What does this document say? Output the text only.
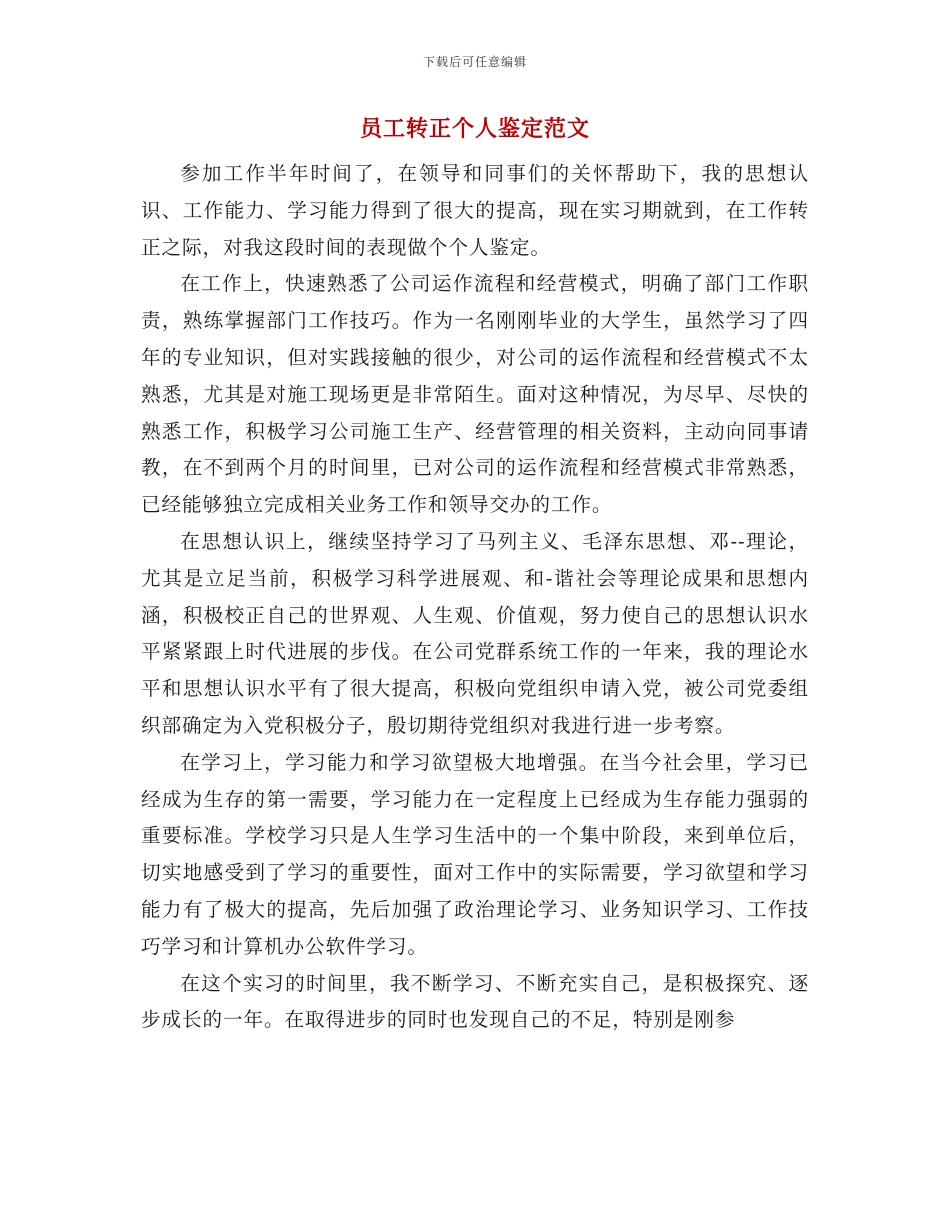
下载后可任意编辑
员工转正个人鉴定范文

参加工作半年时间了，在领导和同事们的关怀帮助下，我的思想认识、工作能力、学习能力得到了很大的提高，现在实习期就到，在工作转正之际，对我这段时间的表现做个个人鉴定。

在工作上，快速熟悉了公司运作流程和经营模式，明确了部门工作职责，熟练掌握部门工作技巧。作为一名刚刚毕业的大学生，虽然学习了四年的专业知识，但对实践接触的很少，对公司的运作流程和经营模式不太熟悉，尤其是对施工现场更是非常陌生。面对这种情况，为尽早、尽快的熟悉工作，积极学习公司施工生产、经营管理的相关资料，主动向同事请教，在不到两个月的时间里，已对公司的运作流程和经营模式非常熟悉，已经能够独立完成相关业务工作和领导交办的工作。

在思想认识上，继续坚持学习了马列主义、毛泽东思想、邓--理论，尤其是立足当前，积极学习科学进展观、和-谐社会等理论成果和思想内涵，积极校正自己的世界观、人生观、价值观，努力使自己的思想认识水平紧紧跟上时代进展的步伐。在公司党群系统工作的一年来，我的理论水平和思想认识水平有了很大提高，积极向党组织申请入党，被公司党委组织部确定为入党积极分子，殷切期待党组织对我进行进一步考察。

在学习上，学习能力和学习欲望极大地增强。在当今社会里，学习已经成为生存的第一需要，学习能力在一定程度上已经成为生存能力强弱的重要标准。学校学习只是人生学习生活中的一个集中阶段，来到单位后，切实地感受到了学习的重要性，面对工作中的实际需要，学习欲望和学习能力有了极大的提高，先后加强了政治理论学习、业务知识学习、工作技巧学习和计算机办公软件学习。

在这个实习的时间里，我不断学习、不断充实自己，是积极探究、逐步成长的一年。在取得进步的同时也发现自己的不足，特别是刚参
